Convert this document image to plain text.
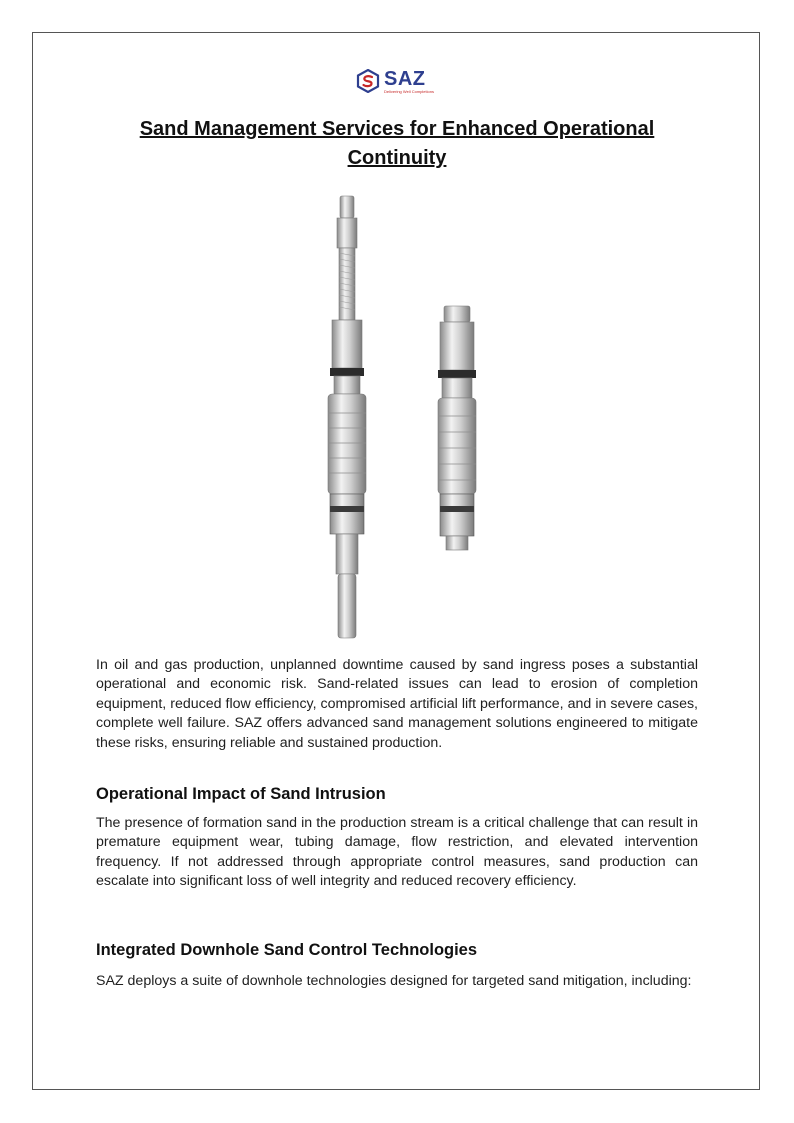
SAZ
Delivering Well Completions
Sand Management Services for Enhanced Operational Continuity
In oil and gas production, unplanned downtime caused by sand ingress poses a substantial operational and economic risk. Sand-related issues can lead to erosion of completion equipment, reduced flow efficiency, compromised artificial lift performance, and in severe cases, complete well failure. SAZ offers advanced sand management solutions engineered to mitigate these risks, ensuring reliable and sustained production.
Operational Impact of Sand Intrusion
The presence of formation sand in the production stream is a critical challenge that can result in premature equipment wear, tubing damage, flow restriction, and elevated intervention frequency. If not addressed through appropriate control measures, sand production can escalate into significant loss of well integrity and reduced recovery efficiency.
Integrated Downhole Sand Control Technologies
SAZ deploys a suite of downhole technologies designed for targeted sand mitigation, including:
